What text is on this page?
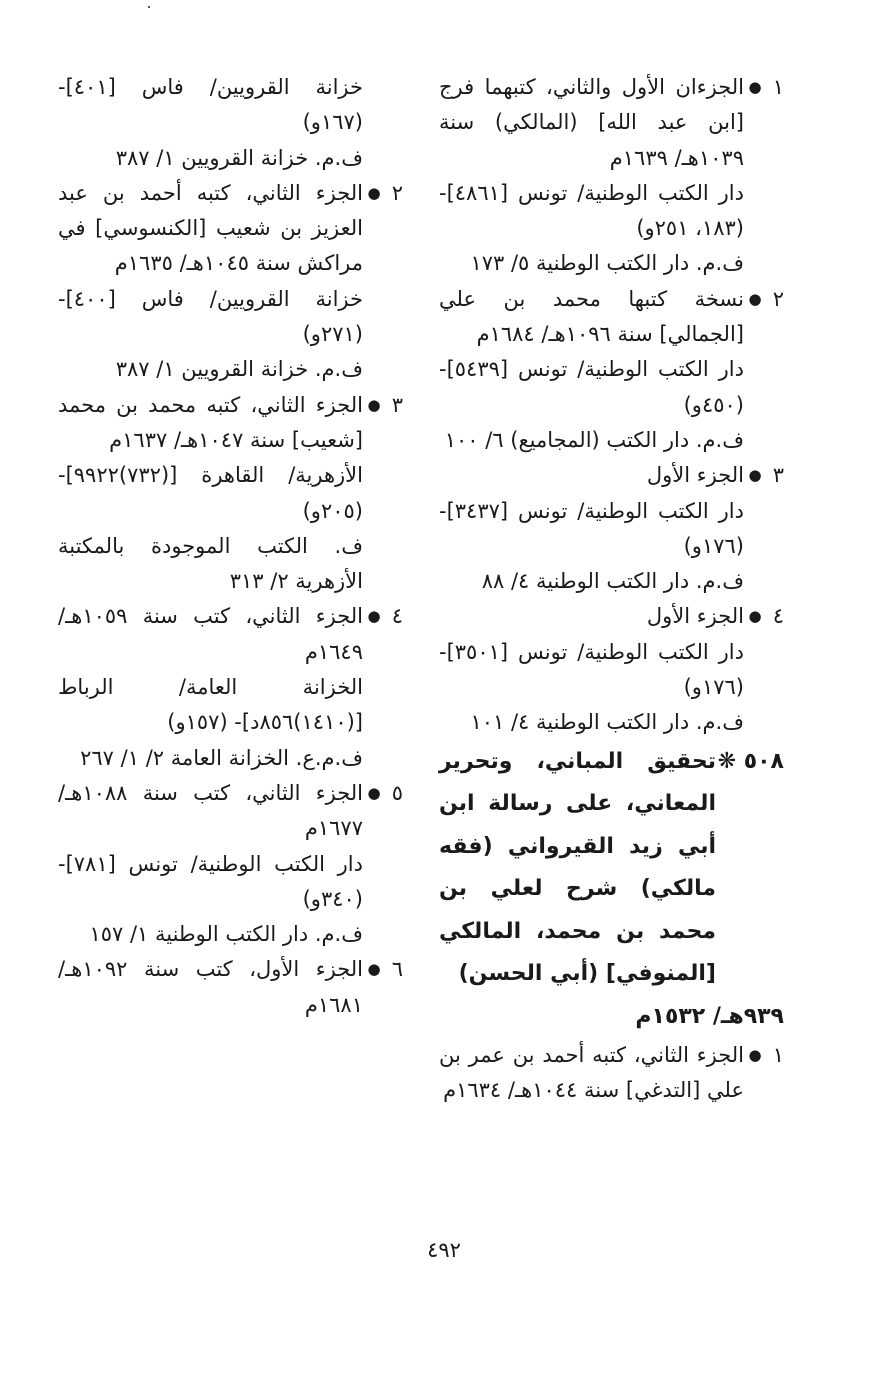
١
●
الجزءان الأول والثاني، كتبهما فرج [ابن عبد الله] (المالكي) سنة ١٠٣٩هـ/ ١٦٣٩م
دار الكتب الوطنية/ تونس [٤٨٦١]- (١٨٣، ٢٥١و)
ف.م. دار الكتب الوطنية ٥/ ١٧٣
٢
●
نسخة كتبها محمد بن علي [الجمالي] سنة ١٠٩٦هـ/ ١٦٨٤م
دار الكتب الوطنية/ تونس [٥٤٣٩]- (٤٥٠و)
ف.م. دار الكتب (المجاميع) ٦/ ١٠٠
٣
●
الجزء الأول
دار الكتب الوطنية/ تونس [٣٤٣٧]- (١٧٦و)
ف.م. دار الكتب الوطنية ٤/ ٨٨
٤
●
الجزء الأول
دار الكتب الوطنية/ تونس [٣٥٠١]- (١٧٦و)
ف.م. دار الكتب الوطنية ٤/ ١٠١
٥٠٨ ❋
تحقيق المباني، وتحرير المعاني، على رسالة ابن أبي زيد القيرواني (فقه مالكي) شرح لعلي بن محمد بن محمد، المالكي [المنوفي] (أبي الحسن)
٩٣٩هـ/ ١٥٣٢م
١
●
الجزء الثاني، كتبه أحمد بن عمر بن علي [التدغي] سنة ١٠٤٤هـ/ ١٦٣٤م
خزانة القرويين/ فاس [٤٠١]- (١٦٧و)
ف.م. خزانة القرويين ١/ ٣٨٧
٢
●
الجزء الثاني، كتبه أحمد بن عبد العزيز بن شعيب [الكنسوسي] في مراكش سنة ١٠٤٥هـ/ ١٦٣٥م
خزانة القرويين/ فاس [٤٠٠]- (٢٧١و)
ف.م. خزانة القرويين ١/ ٣٨٧
٣
●
الجزء الثاني، كتبه محمد بن محمد [شعيب] سنة ١٠٤٧هـ/ ١٦٣٧م
الأزهرية/ القاهرة [(٧٣٢)٩٩٢٢]- (٢٠٥و)
ف. الكتب الموجودة بالمكتبة الأزهرية ٢/ ٣١٣
٤
●
الجزء الثاني، كتب سنة ١٠٥٩هـ/ ١٦٤٩م
الخزانة العامة/ الرباط [(١٤١٠)٨٥٦د]- (١٥٧و)
ف.م.ع. الخزانة العامة ٢/ ١/ ٢٦٧
٥
●
الجزء الثاني، كتب سنة ١٠٨٨هـ/ ١٦٧٧م
دار الكتب الوطنية/ تونس [٧٨١]- (٣٤٠و)
ف.م. دار الكتب الوطنية ١/ ١٥٧
٦
●
الجزء الأول، كتب سنة ١٠٩٢هـ/ ١٦٨١م
٤٩٢
